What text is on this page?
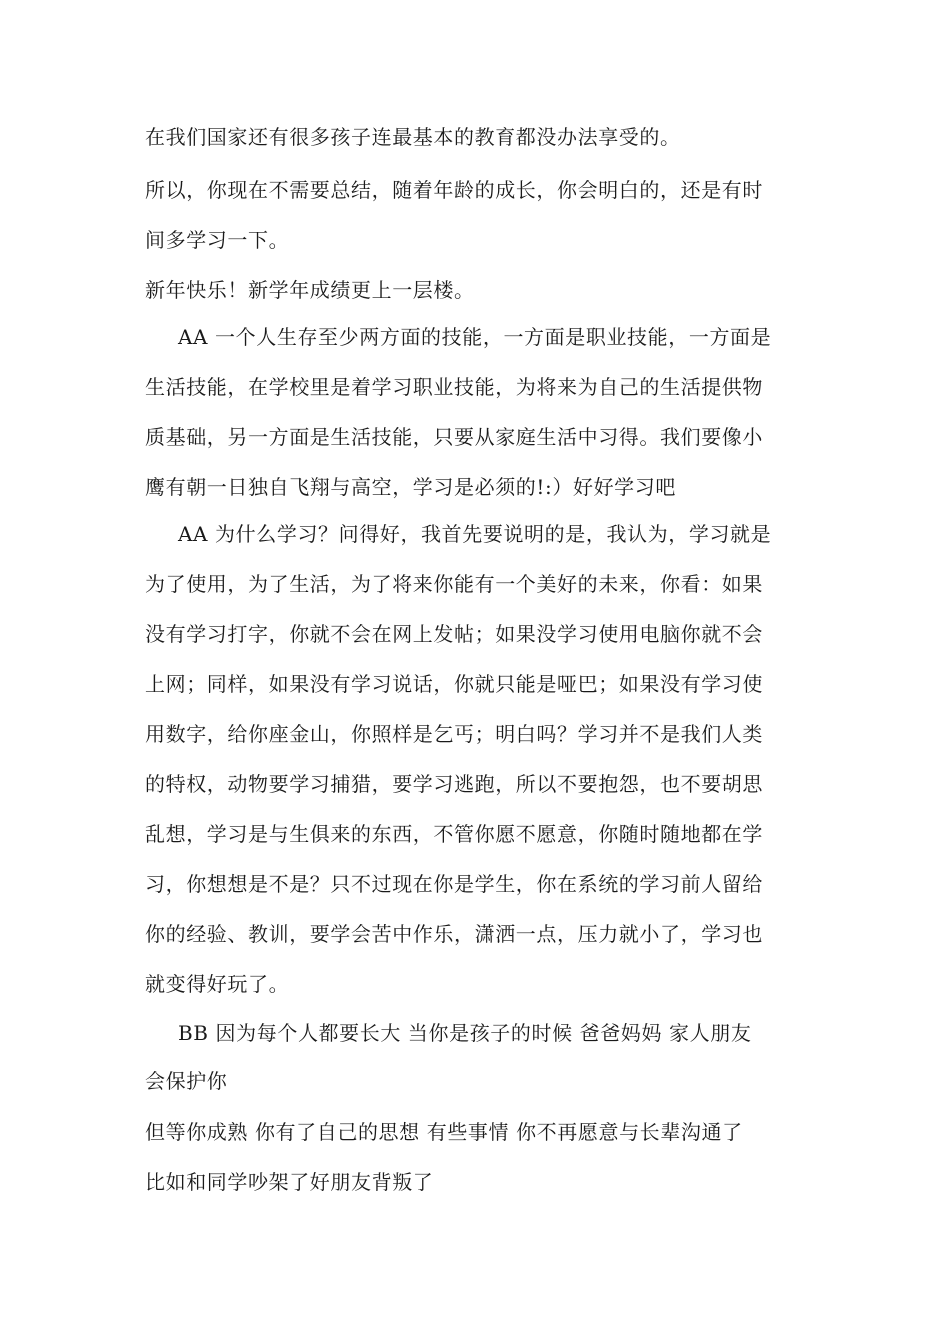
在我们国家还有很多孩子连最基本的教育都没办法享受的。
所以，你现在不需要总结，随着年龄的成长，你会明白的，还是有时
间多学习一下。
新年快乐！新学年成绩更上一层楼。
AA 一个人生存至少两方面的技能，一方面是职业技能，一方面是
生活技能，在学校里是着学习职业技能，为将来为自己的生活提供物
质基础，另一方面是生活技能，只要从家庭生活中习得。我们要像小
鹰有朝一日独自飞翔与高空，学习是必须的!:）好好学习吧
AA 为什么学习？问得好，我首先要说明的是，我认为，学习就是
为了使用，为了生活，为了将来你能有一个美好的未来，你看：如果
没有学习打字，你就不会在网上发帖；如果没学习使用电脑你就不会
上网；同样，如果没有学习说话，你就只能是哑巴；如果没有学习使
用数字，给你座金山，你照样是乞丐；明白吗？学习并不是我们人类
的特权，动物要学习捕猎，要学习逃跑，所以不要抱怨，也不要胡思
乱想，学习是与生俱来的东西，不管你愿不愿意，你随时随地都在学
习，你想想是不是？只不过现在你是学生，你在系统的学习前人留给
你的经验、教训，要学会苦中作乐，潇洒一点，压力就小了，学习也
就变得好玩了。
BB 因为每个人都要长大 当你是孩子的时候 爸爸妈妈 家人朋友
会保护你
但等你成熟 你有了自己的思想 有些事情 你不再愿意与长辈沟通了
比如和同学吵架了好朋友背叛了
